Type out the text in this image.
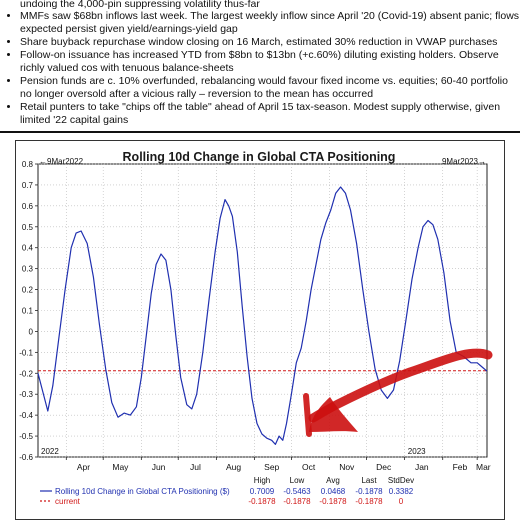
undoing the 4,000-pin suppressing volatility thus-far
• MMFs saw $68bn inflows last week. The largest weekly inflow since April '20 (Covid-19) absent panic; flows expected persist given yield/earnings-yield gap
• Share buyback repurchase window closing on 16 March, estimated 30% reduction in VWAP purchases
• Follow-on issuance has increased YTD from $8bn to $13bn (+c.60%) diluting existing holders. Observe richly valued cos with tenuous balance-sheets
• Pension funds are c. 10% overfunded, rebalancing would favour fixed income vs. equities; 60-40 portfolio no longer oversold after a vicious rally – reversion to the mean has occurred
• Retail punters to take "chips off the table" ahead of April 15 tax-season. Modest supply otherwise, given limited '22 capital gains
Rolling 10d Change in Global CTA Positioning
0.8
0.7
0.6
0.5
0.4
0.3
0.2
0.1
0
-0.1
-0.2
-0.3
-0.4
-0.5
-0.6
Apr	May	Jun	Jul	Aug	Sep	Oct	Nov	Dec	Jan	Feb Mar
2022	2023
←9Mar2022	9Mar2023→
High Low	Avg	Last StdDev
Rolling 10d Change in Global CTA Positioning ($)	0.7009 -0.5463 0.0468 -0.1878 0.3382
current	-0.1878 -0.1878 -0.1878 -0.1878 0
